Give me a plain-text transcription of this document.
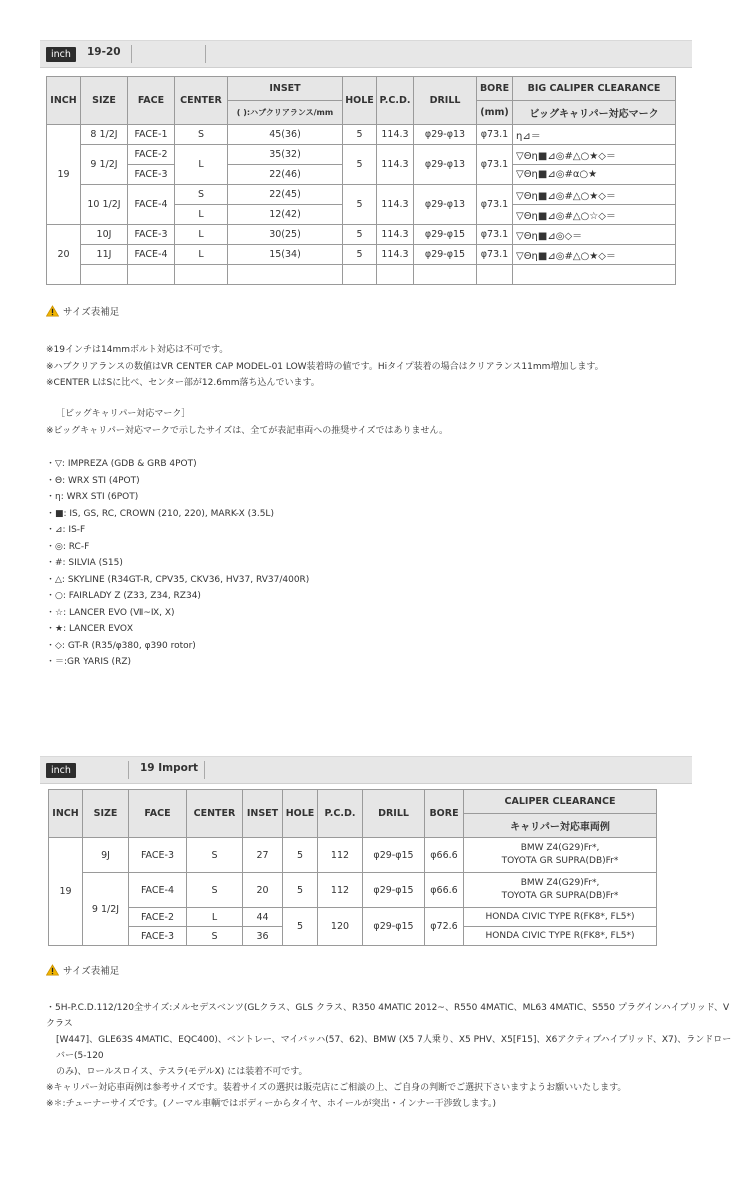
inch	19-20
INCH	SIZE	FACE	CENTER	INSET	HOLE	P.C.D.	DRILL	BORE	BIG CALIPER CLEARANCE
				( ):ハブクリアランス/mm				(mm)	ビッグキャリパー対応マーク
19	8 1/2J	FACE-1	S	45(36)	5	114.3	φ29-φ13	φ73.1	η⊿＝
	9 1/2J	FACE-2	L	35(32)	5	114.3	φ29-φ13	φ73.1	▽Θη■⊿◎#△○★◇＝
		FACE-3		22(46)					▽Θη■⊿◎#α○★
	10 1/2J	FACE-4	S	22(45)	5	114.3	φ29-φ13	φ73.1	▽Θη■⊿◎#△○★◇＝
			L	12(42)					▽Θη■⊿◎#△○☆◇＝
20	10J	FACE-3	L	30(25)	5	114.3	φ29-φ15	φ73.1	▽Θη■⊿◎◇＝
	11J	FACE-4	L	15(34)	5	114.3	φ29-φ15	φ73.1	▽Θη■⊿◎#△○★◇＝

サイズ表補足
※19インチは14mmボルト対応は不可です。
※ハブクリアランスの数値はVR CENTER CAP MODEL-01 LOW装着時の値です。Hiタイプ装着の場合はクリアランス11mm増加します。
※CENTER LはSに比べ、センター部が12.6mm落ち込んでいます。
［ビッグキャリパー対応マーク］
※ビッグキャリパー対応マークで示したサイズは、全てが表記車両への推奨サイズではありません。
・▽: IMPREZA (GDB & GRB 4POT)
・Θ: WRX STI (4POT)
・η: WRX STI (6POT)
・■: IS, GS, RC, CROWN (210, 220), MARK-X (3.5L)
・⊿: IS-F
・◎: RC-F
・#: SILVIA (S15)
・△: SKYLINE (R34GT-R, CPV35, CKV36, HV37, RV37/400R)
・○: FAIRLADY Z (Z33, Z34, RZ34)
・☆: LANCER EVO (Ⅶ~Ⅸ, Ⅹ)
・★: LANCER EVOⅩ
・◇: GT-R (R35/φ380, φ390 rotor)
・＝:GR YARIS (RZ)
inch	19 Import
INCH	SIZE	FACE	CENTER	INSET	HOLE	P.C.D.	DRILL	BORE	CALIPER CLEARANCE
									キャリパー対応車両例
19	9J	FACE-3	S	27	5	112	φ29-φ15	φ66.6	BMW Z4(G29)Fr*,
TOYOTA GR SUPRA(DB)Fr*

	9 1/2J	FACE-4	S	20	5	112	φ29-φ15	φ66.6	BMW Z4(G29)Fr*,
TOYOTA GR SUPRA(DB)Fr*

		FACE-2	L	44	5	120	φ29-φ15	φ72.6	HONDA CIVIC TYPE R(FK8*, FL5*)
		FACE-3	S	36					HONDA CIVIC TYPE R(FK8*, FL5*)
サイズ表補足
・5H-P.C.D.112/120全サイズ:メルセデスベンツ(GLクラス、GLS クラス、R350 4MATIC 2012~、R550 4MATIC、ML63 4MATIC、S550 プラグインハイブリッド、Vクラス
[W447]、GLE63S 4MATIC、EQC400)、ベントレー、マイバッハ(57、62)、BMW (X5 7人乗り、X5 PHV、X5[F15]、X6アクティブハイブリッド、X7)、ランドローバー(5-120
のみ)、ロールスロイス、テスラ(モデルX) には装着不可です。
※キャリパー対応車両例は参考サイズです。装着サイズの選択は販売店にご相談の上、ご自身の判断でご選択下さいますようお願いいたします。
※＊:チューナーサイズです。(ノーマル車輌ではボディーからタイヤ、ホイールが突出・インナー干渉致します。)
